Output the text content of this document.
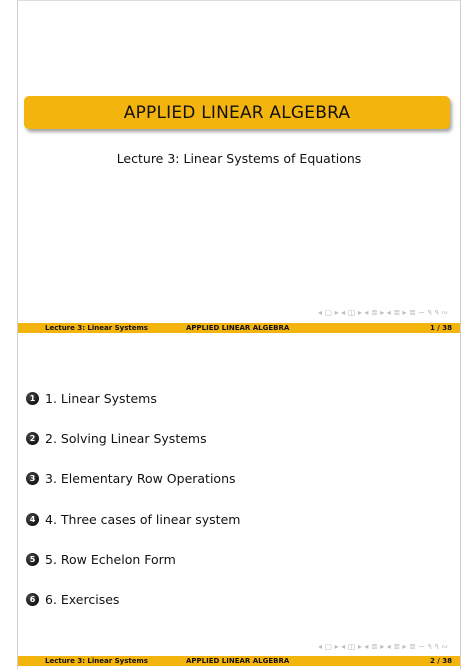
APPLIED LINEAR ALGEBRA
Lecture 3: Linear Systems of Equations
◂ ▢ ▸ ◂ ◫ ▸ ◂ ≣ ▸ ◂ ≣ ▸ ≣ ∽ ۹ ۹ ∾
Lecture 3: Linear Systems	APPLIED LINEAR ALGEBRA	1 / 38
1 1. Linear Systems
2 2. Solving Linear Systems
3 3. Elementary Row Operations
4 4. Three cases of linear system
5 5. Row Echelon Form
6 6. Exercises
◂ ▢ ▸ ◂ ◫ ▸ ◂ ≣ ▸ ◂ ≣ ▸ ≣ ∽ ۹ ۹ ∾
Lecture 3: Linear Systems	APPLIED LINEAR ALGEBRA	2 / 38
